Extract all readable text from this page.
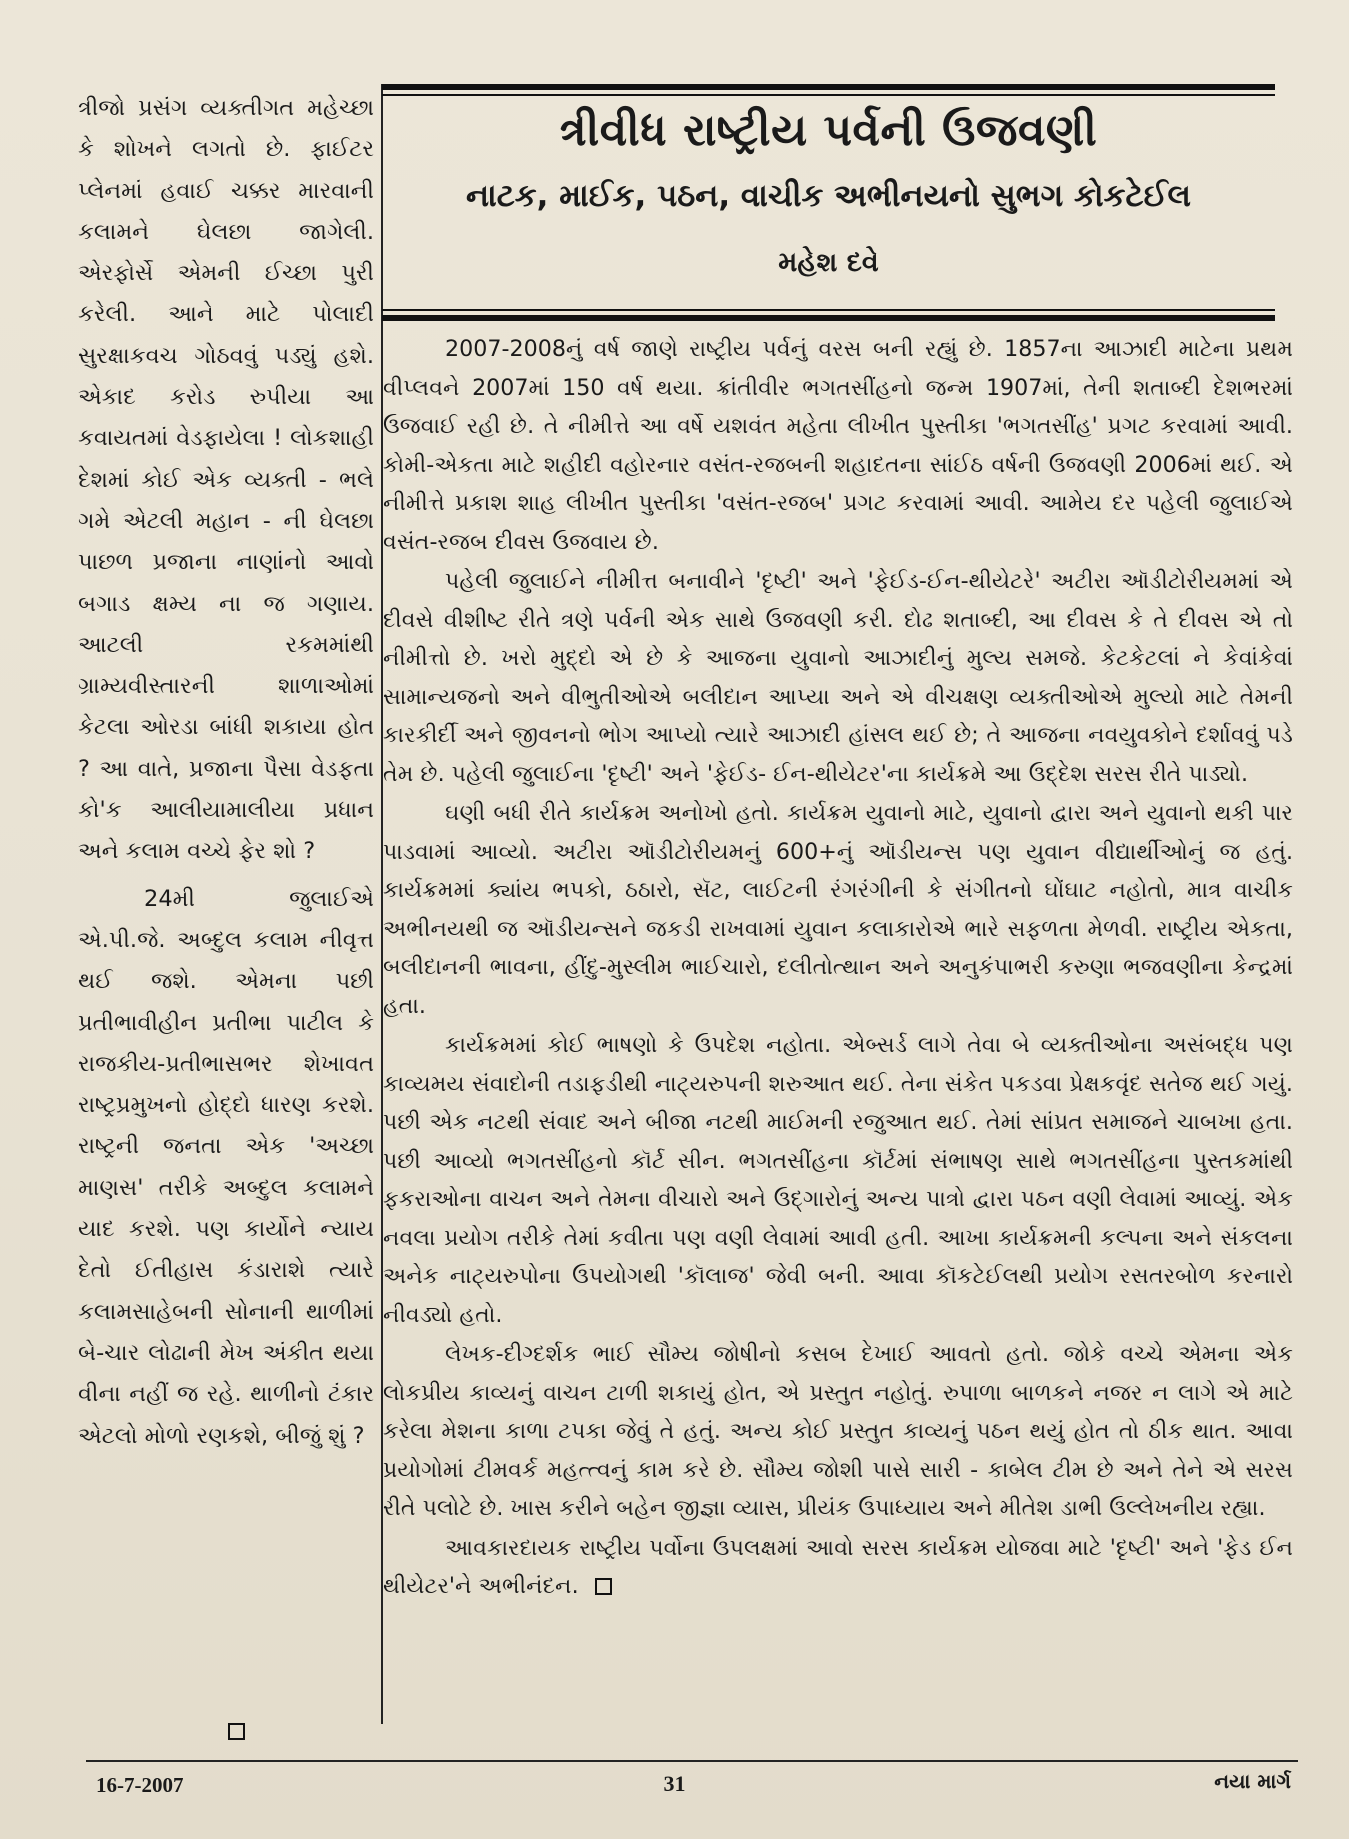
ત્રીજો પ્રસંગ વ્યક્તીગત મહેચ્છા કે શોખને લગતો છે. ફાઈટર પ્લેનમાં હવાઈ ચક્કર મારવાની કલામને ઘેલછા જાગેલી. એરફોર્સે એમની ઈચ્છા પુરી કરેલી. આને માટે પોલાદી સુરક્ષાકવચ ગોઠવવું પડ્યું હશે. એકાદ કરોડ રુપીયા આ કવાયતમાં વેડફાયેલા ! લોકશાહી દેશમાં કોઈ એક વ્યક્તી - ભલે ગમે એટલી મહાન - ની ઘેલછા પાછળ પ્રજાના નાણાંનો આવો બગાડ ક્ષમ્ય ના જ ગણાય. આટલી રકમમાંથી ગ્રામ્યવીસ્તારની શાળાઓમાં કેટલા ઓરડા બાંધી શકાયા હોત ? આ વાતે, પ્રજાના પૈસા વેડફતા કો'ક આલીયામાલીયા પ્રધાન અને કલામ વચ્ચે ફેર શો ?

24મી જુલાઈએ એ.પી.જે. અબ્દુલ કલામ નીવૃત્ત થઈ જશે. એમના પછી પ્રતીભાવીહીન પ્રતીભા પાટીલ કે રાજકીય-પ્રતીભાસભર શેખાવત રાષ્ટ્રપ્રમુખનો હોદ્દો ધારણ કરશે. રાષ્ટ્રની જનતા એક 'અચ્છા માણસ' તરીકે અબ્દુલ કલામને યાદ કરશે. પણ કાર્યોને ન્યાય દેતો ઈતીહાસ કંડારાશે ત્યારે કલામસાહેબની સોનાની થાળીમાં બે-ચાર લોઢાની મેખ અંકીત થયા વીના નહીં જ રહે. થાળીનો ટંકાર એટલો મોળો રણકશે, બીજું શું ?

ત્રીવીધ રાષ્ટ્રીય પર્વની ઉજવણી
નાટક, માઈક, પઠન, વાચીક અભીનયનો સુભગ કોકટેઈલ
મહેશ દવે

2007-2008નું વર્ષ જાણે રાષ્ટ્રીય પર્વનું વરસ બની રહ્યું છે. 1857ના આઝાદી માટેના પ્રથમ વીપ્લવને 2007માં 150 વર્ષ થયા. ક્રાંતીવીર ભગતસીંહનો જન્મ 1907માં, તેની શતાબ્દી દેશભરમાં ઉજવાઈ રહી છે. તે નીમીત્તે આ વર્ષે યશવંત મહેતા લીખીત પુસ્તીકા 'ભગતસીંહ' પ્રગટ કરવામાં આવી. કોમી-એકતા માટે શહીદી વહોરનાર વસંત-રજબની શહાદતના સાંઈઠ વર્ષની ઉજવણી 2006માં થઈ. એ નીમીત્તે પ્રકાશ શાહ લીખીત પુસ્તીકા 'વસંત-રજબ' પ્રગટ કરવામાં આવી. આમેય દર પહેલી જુલાઈએ વસંત-રજબ દીવસ ઉજવાય છે.

પહેલી જુલાઈને નીમીત્ત બનાવીને 'દૃષ્ટી' અને 'ફેઈડ-ઈન-થીયેટરે' અટીરા ઑડીટોરીયમમાં એ દીવસે વીશીષ્ટ રીતે ત્રણે પર્વની એક સાથે ઉજવણી કરી. દોઢ શતાબ્દી, આ દીવસ કે તે દીવસ એ તો નીમીત્તો છે. ખરો મુદ્દો એ છે કે આજના યુવાનો આઝાદીનું મુલ્ય સમજે. કેટકેટલાં ને કેવાંકેવાં સામાન્યજનો અને વીભુતીઓએ બલીદાન આપ્યા અને એ વીચક્ષણ વ્યક્તીઓએ મુલ્યો માટે તેમની કારકીર્દી અને જીવનનો ભોગ આપ્યો ત્યારે આઝાદી હાંસલ થઈ છે; તે આજના નવયુવકોને દર્શાવવું પડે તેમ છે. પહેલી જુલાઈના 'દૃષ્ટી' અને 'ફેઈડ- ઈન-થીયેટર'ના કાર્યક્રમે આ ઉદ્દેશ સરસ રીતે પાડ્યો.

ઘણી બધી રીતે કાર્યક્રમ અનોખો હતો. કાર્યક્રમ યુવાનો માટે, યુવાનો દ્વારા અને યુવાનો થકી પાર પાડવામાં આવ્યો. અટીરા ઑડીટોરીયમનું 600+નું ઑડીયન્સ પણ યુવાન વીદ્યાર્થીઓનું જ હતું. કાર્યક્રમમાં ક્યાંય ભપકો, ઠઠારો, સૅટ, લાઈટની રંગરંગીની કે સંગીતનો ઘોંઘાટ નહોતો, માત્ર વાચીક અભીનયથી જ ઑડીયન્સને જકડી રાખવામાં યુવાન કલાકારોએ ભારે સફળતા મેળવી. રાષ્ટ્રીય એકતા, બલીદાનની ભાવના, હીંદુ-મુસ્લીમ ભાઈચારો, દલીતોત્થાન અને અનુકંપાભરી કરુણા ભજવણીના કેન્દ્રમાં હતા.

કાર્યક્રમમાં કોઈ ભાષણો કે ઉપદેશ નહોતા. એબ્સર્ડ લાગે તેવા બે વ્યક્તીઓના અસંબદ્ધ પણ કાવ્યમય સંવાદોની તડાફડીથી નાટ્યરુપની શરુઆત થઈ. તેના સંકેત પકડવા પ્રેક્ષકવૃંદ સતેજ થઈ ગયું. પછી એક નટથી સંવાદ અને બીજા નટથી માઈમની રજુઆત થઈ. તેમાં સાંપ્રત સમાજને ચાબખા હતા. પછી આવ્યો ભગતસીંહનો કૉર્ટ સીન. ભગતસીંહના કૉર્ટમાં સંભાષણ સાથે ભગતસીંહના પુસ્તકમાંથી ફકરાઓના વાચન અને તેમના વીચારો અને ઉદ્ગારોનું અન્ય પાત્રો દ્વારા પઠન વણી લેવામાં આવ્યું. એક નવલા પ્રયોગ તરીકે તેમાં કવીતા પણ વણી લેવામાં આવી હતી. આખા કાર્યક્રમની કલ્પના અને સંકલના અનેક નાટ્યરુપોના ઉપયોગથી 'કૉલાજ' જેવી બની. આવા કૉકટેઈલથી પ્રયોગ રસતરબોળ કરનારો નીવડ્યો હતો.

લેખક-દીગ્દર્શક ભાઈ સૌમ્ય જોષીનો કસબ દેખાઈ આવતો હતો. જોકે વચ્ચે એમના એક લોકપ્રીય કાવ્યનું વાચન ટાળી શકાયું હોત, એ પ્રસ્તુત નહોતું. રુપાળા બાળકને નજર ન લાગે એ માટે કરેલા મેશના કાળા ટપકા જેવું તે હતું. અન્ય કોઈ પ્રસ્તુત કાવ્યનું પઠન થયું હોત તો ઠીક થાત. આવા પ્રયોગોમાં ટીમવર્ક મહત્ત્વનું કામ કરે છે. સૌમ્ય જોશી પાસે સારી - કાબેલ ટીમ છે અને તેને એ સરસ રીતે પલોટે છે. ખાસ કરીને બહેન જીજ્ઞા વ્યાસ, પ્રીયંક ઉપાધ્યાય અને મીતેશ ડાભી ઉલ્લેખનીય રહ્યા.

આવકારદાયક રાષ્ટ્રીય પર્વોના ઉપલક્ષમાં આવો સરસ કાર્યક્રમ યોજવા માટે 'દૃષ્ટી' અને 'ફેડ ઈન થીયેટર'ને અભીનંદન.

16-7-2007	31	નયા માર્ગ
